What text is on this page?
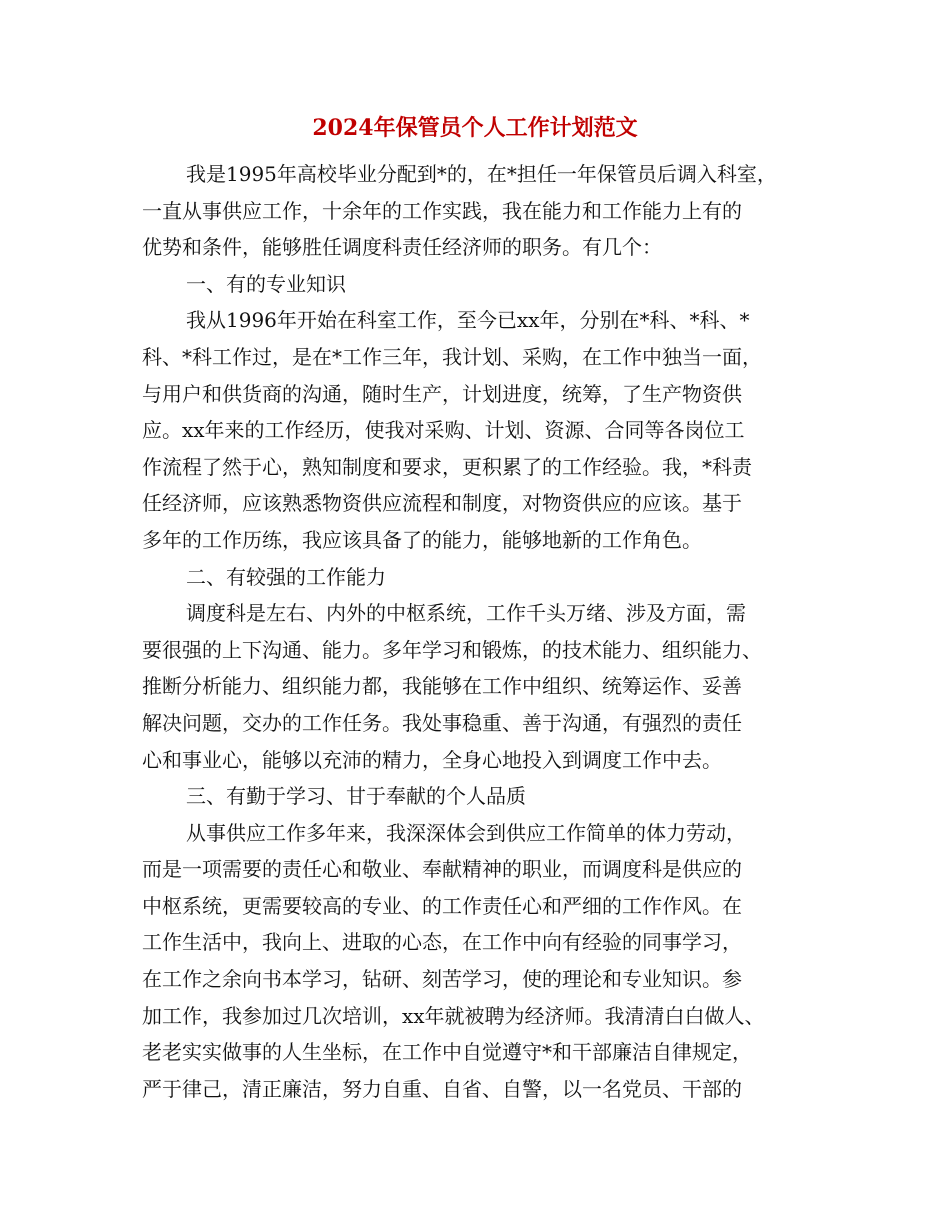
2024年保管员个人工作计划范文
我是1995年高校毕业分配到*的，在*担任一年保管员后调入科室，
一直从事供应工作，十余年的工作实践，我在能力和工作能力上有的
优势和条件，能够胜任调度科责任经济师的职务。有几个：
一、有的专业知识
我从1996年开始在科室工作，至今已xx年，分别在*科、*科、*
科、*科工作过，是在*工作三年，我计划、采购，在工作中独当一面，
与用户和供货商的沟通，随时生产，计划进度，统筹，了生产物资供
应。xx年来的工作经历，使我对采购、计划、资源、合同等各岗位工
作流程了然于心，熟知制度和要求，更积累了的工作经验。我，*科责
任经济师，应该熟悉物资供应流程和制度，对物资供应的应该。基于
多年的工作历练，我应该具备了的能力，能够地新的工作角色。
二、有较强的工作能力
调度科是左右、内外的中枢系统，工作千头万绪、涉及方面，需
要很强的上下沟通、能力。多年学习和锻炼，的技术能力、组织能力、
推断分析能力、组织能力都，我能够在工作中组织、统筹运作、妥善
解决问题，交办的工作任务。我处事稳重、善于沟通，有强烈的责任
心和事业心，能够以充沛的精力，全身心地投入到调度工作中去。
三、有勤于学习、甘于奉献的个人品质
从事供应工作多年来，我深深体会到供应工作简单的体力劳动，
而是一项需要的责任心和敬业、奉献精神的职业，而调度科是供应的
中枢系统，更需要较高的专业、的工作责任心和严细的工作作风。在
工作生活中，我向上、进取的心态，在工作中向有经验的同事学习，
在工作之余向书本学习，钻研、刻苦学习，使的理论和专业知识。参
加工作，我参加过几次培训，xx年就被聘为经济师。我清清白白做人、
老老实实做事的人生坐标，在工作中自觉遵守*和干部廉洁自律规定，
严于律己，清正廉洁，努力自重、自省、自警，以一名党员、干部的
